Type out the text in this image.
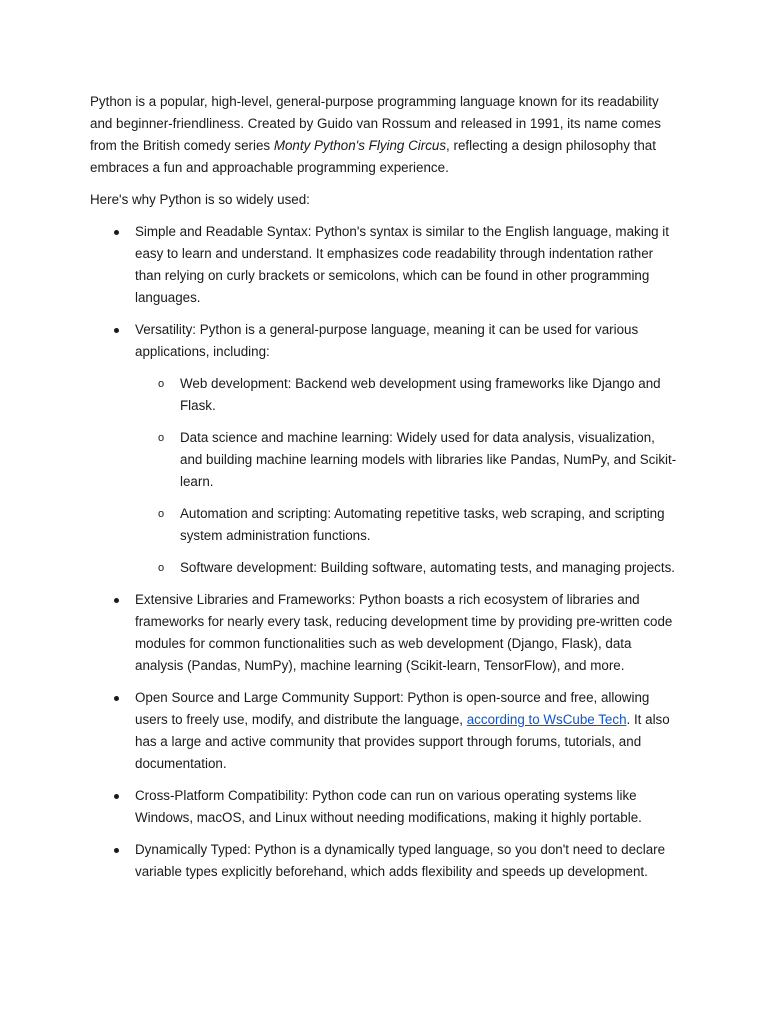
Python is a popular, high-level, general-purpose programming language known for its readability and beginner-friendliness. Created by Guido van Rossum and released in 1991, its name comes from the British comedy series Monty Python's Flying Circus, reflecting a design philosophy that embraces a fun and approachable programming experience.

Here's why Python is so widely used:

Simple and Readable Syntax: Python's syntax is similar to the English language, making it easy to learn and understand. It emphasizes code readability through indentation rather than relying on curly brackets or semicolons, which can be found in other programming languages.

Versatility: Python is a general-purpose language, meaning it can be used for various applications, including:

o Web development: Backend web development using frameworks like Django and Flask.

o Data science and machine learning: Widely used for data analysis, visualization, and building machine learning models with libraries like Pandas, NumPy, and Scikit-learn.

o Automation and scripting: Automating repetitive tasks, web scraping, and scripting system administration functions.

o Software development: Building software, automating tests, and managing projects.

Extensive Libraries and Frameworks: Python boasts a rich ecosystem of libraries and frameworks for nearly every task, reducing development time by providing pre-written code modules for common functionalities such as web development (Django, Flask), data analysis (Pandas, NumPy), machine learning (Scikit-learn, TensorFlow), and more.

Open Source and Large Community Support: Python is open-source and free, allowing users to freely use, modify, and distribute the language, according to WsCube Tech. It also has a large and active community that provides support through forums, tutorials, and documentation.

Cross-Platform Compatibility: Python code can run on various operating systems like Windows, macOS, and Linux without needing modifications, making it highly portable.

Dynamically Typed: Python is a dynamically typed language, so you don't need to declare variable types explicitly beforehand, which adds flexibility and speeds up development.
